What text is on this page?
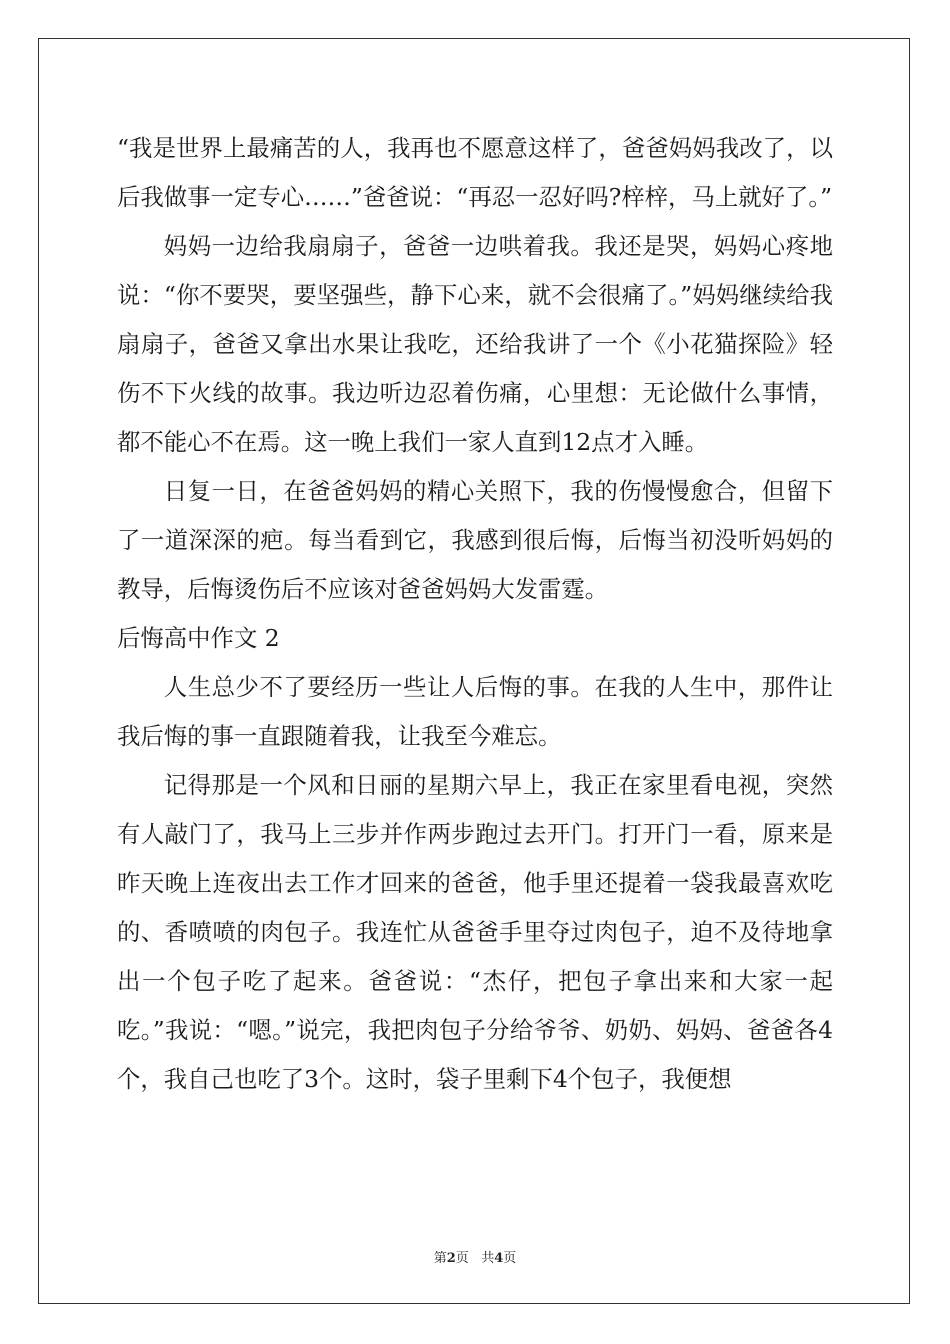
“我是世界上最痛苦的人，我再也不愿意这样了，爸爸妈妈我改了，以后我做事一定专心……”爸爸说：“再忍一忍好吗?梓梓，马上就好了。”

妈妈一边给我扇扇子，爸爸一边哄着我。我还是哭，妈妈心疼地说：“你不要哭，要坚强些，静下心来，就不会很痛了。”妈妈继续给我扇扇子，爸爸又拿出水果让我吃，还给我讲了一个《小花猫探险》轻伤不下火线的故事。我边听边忍着伤痛，心里想：无论做什么事情，都不能心不在焉。这一晚上我们一家人直到12点才入睡。

日复一日，在爸爸妈妈的精心关照下，我的伤慢慢愈合，但留下了一道深深的疤。每当看到它，我感到很后悔，后悔当初没听妈妈的教导，后悔烫伤后不应该对爸爸妈妈大发雷霆。

后悔高中作文 2

人生总少不了要经历一些让人后悔的事。在我的人生中，那件让我后悔的事一直跟随着我，让我至今难忘。

记得那是一个风和日丽的星期六早上，我正在家里看电视，突然有人敲门了，我马上三步并作两步跑过去开门。打开门一看，原来是昨天晚上连夜出去工作才回来的爸爸，他手里还提着一袋我最喜欢吃的、香喷喷的肉包子。我连忙从爸爸手里夺过肉包子，迫不及待地拿出一个包子吃了起来。爸爸说：“杰仔，把包子拿出来和大家一起吃。”我说：“嗯。”说完，我把肉包子分给爷爷、奶奶、妈妈、爸爸各4个，我自己也吃了3个。这时，袋子里剩下4个包子，我便想

第2页   共4页
